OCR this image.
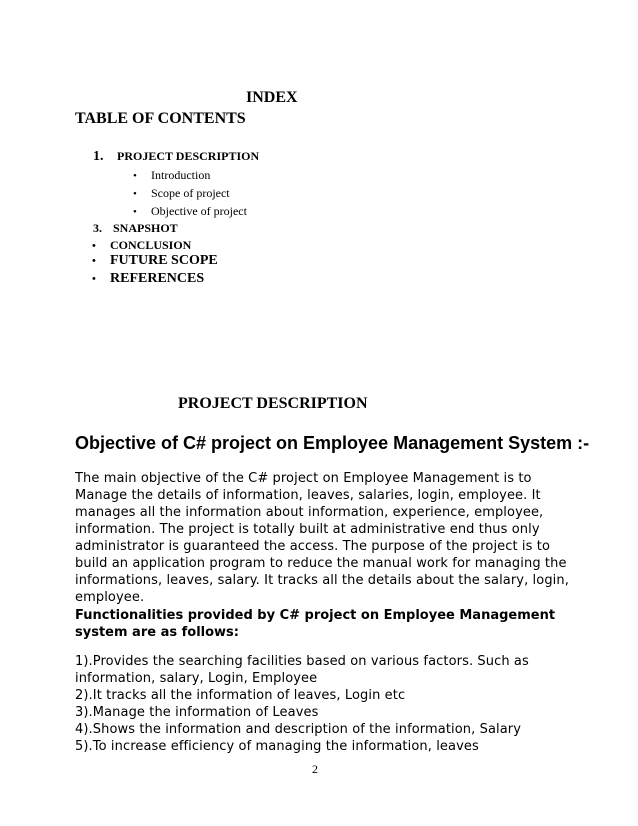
INDEX
TABLE OF CONTENTS
1. PROJECT DESCRIPTION
• Introduction
• Scope of project
• Objective of project
3. SNAPSHOT
• CONCLUSION
• FUTURE SCOPE
• REFERENCES
PROJECT DESCRIPTION
Objective of C# project on Employee Management System :-
The main objective of the C# project on Employee Management is to
Manage the details of information, leaves, salaries, login, employee. It
manages all the information about information, experience, employee,
information. The project is totally built at administrative end thus only
administrator is guaranteed the access. The purpose of the project is to
build an application program to reduce the manual work for managing the
informations, leaves, salary. It tracks all the details about the salary, login,
employee.
Functionalities provided by C# project on Employee Management
system are as follows:
1).Provides the searching facilities based on various factors. Such as
information, salary, Login, Employee
2).It tracks all the information of leaves, Login etc
3).Manage the information of Leaves
4).Shows the information and description of the information, Salary
5).To increase efficiency of managing the information, leaves
2
